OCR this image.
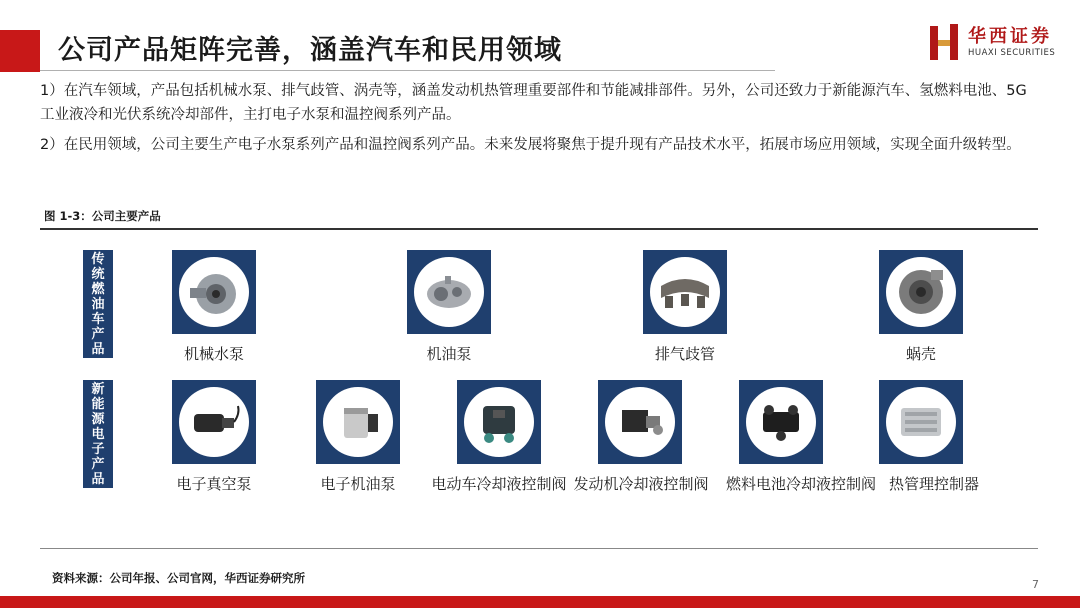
公司产品矩阵完善，涵盖汽车和民用领域	华西证券
HUAXI SECURITIES
1）在汽车领域，产品包括机械水泵、排气歧管、涡壳等，涵盖发动机热管理重要部件和节能减排部件。另外，公司还致力于新能源汽车、氢燃料电池、5G工业液冷和光伏系统冷却部件，主打电子水泵和温控阀系列产品。
2）在民用领域，公司主要生产电子水泵系列产品和温控阀系列产品。未来发展将聚焦于提升现有产品技术水平，拓展市场应用领域，实现全面升级转型。
图 1-3：公司主要产品
传统燃油车产品
新能源电子产品
机械水泵	机油泵	排气歧管	蜗壳
电子真空泵	电子机油泵	电动车冷却液控制阀 发动机冷却液控制阀	燃料电池冷却液控制阀 热管理控制器
资料来源：公司年报、公司官网，华西证券研究所	7
